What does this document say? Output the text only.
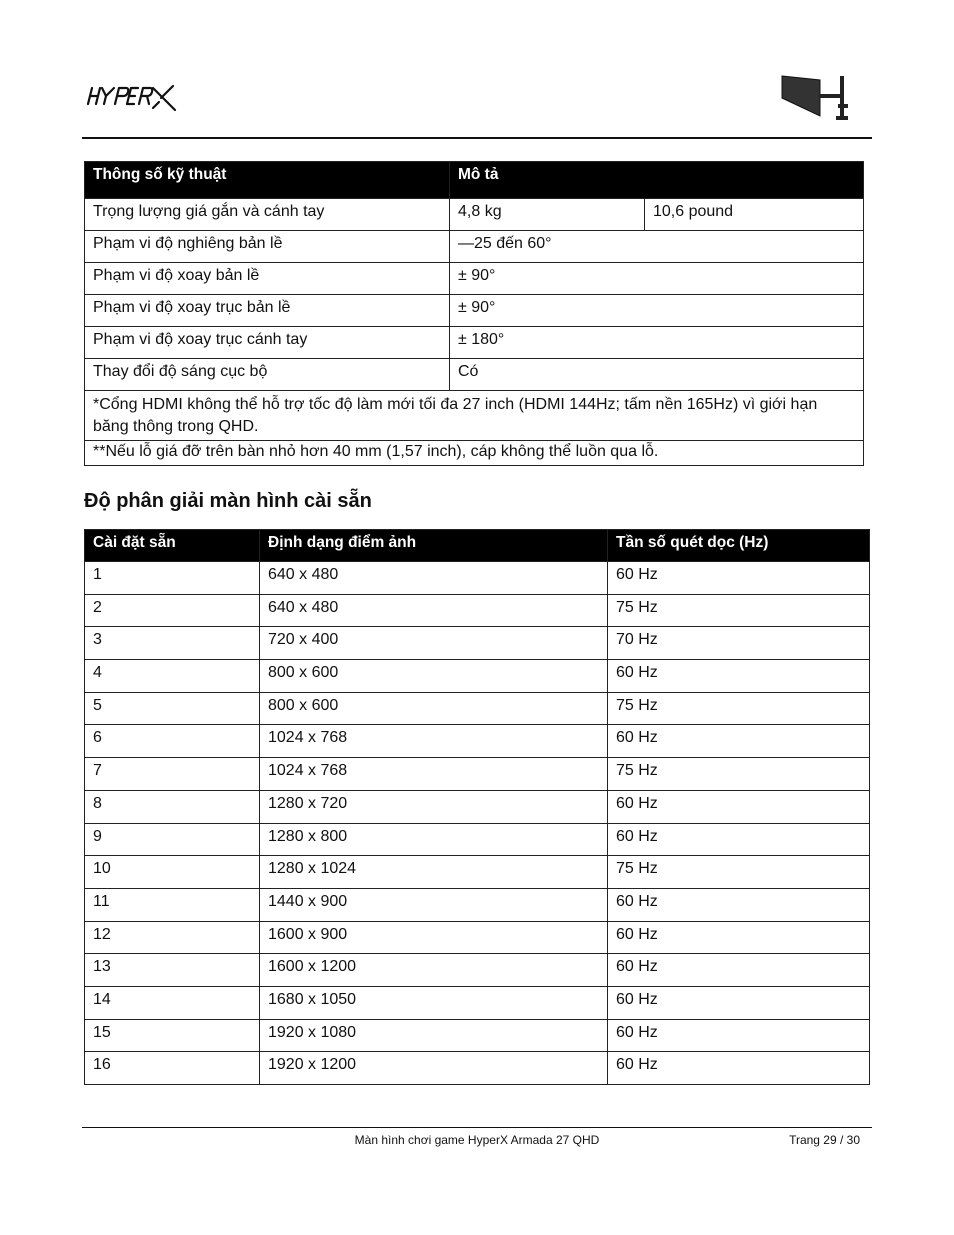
Thông số kỹ thuật	Mô tả	
Trọng lượng giá gắn và cánh tay	4,8 kg	10,6 pound
Phạm vi độ nghiêng bản lề	—25 đến 60°	
Phạm vi độ xoay bản lề	± 90°	
Phạm vi độ xoay trục bản lề	± 90°	
Phạm vi độ xoay trục cánh tay	± 180°	
Thay đổi độ sáng cục bộ	Có	
*Cổng HDMI không thể hỗ trợ tốc độ làm mới tối đa 27 inch (HDMI 144Hz; tấm nền 165Hz) vì giới hạn băng thông trong QHD.		
**Nếu lỗ giá đỡ trên bàn nhỏ hơn 40 mm (1,57 inch), cáp không thể luồn qua lỗ.		
Độ phân giải màn hình cài sẵn
Cài đặt sẵn	Định dạng điểm ảnh	Tần số quét dọc (Hz)
1	640 x 480	60 Hz
2	640 x 480	75 Hz
3	720 x 400	70 Hz
4	800 x 600	60 Hz
5	800 x 600	75 Hz
6	1024 x 768	60 Hz
7	1024 x 768	75 Hz
8	1280 x 720	60 Hz
9	1280 x 800	60 Hz
10	1280 x 1024	75 Hz
11	1440 x 900	60 Hz
12	1600 x 900	60 Hz
13	1600 x 1200	60 Hz
14	1680 x 1050	60 Hz
15	1920 x 1080	60 Hz
16	1920 x 1200	60 Hz
Màn hình chơi game HyperX Armada 27 QHD	Trang 29 / 30
